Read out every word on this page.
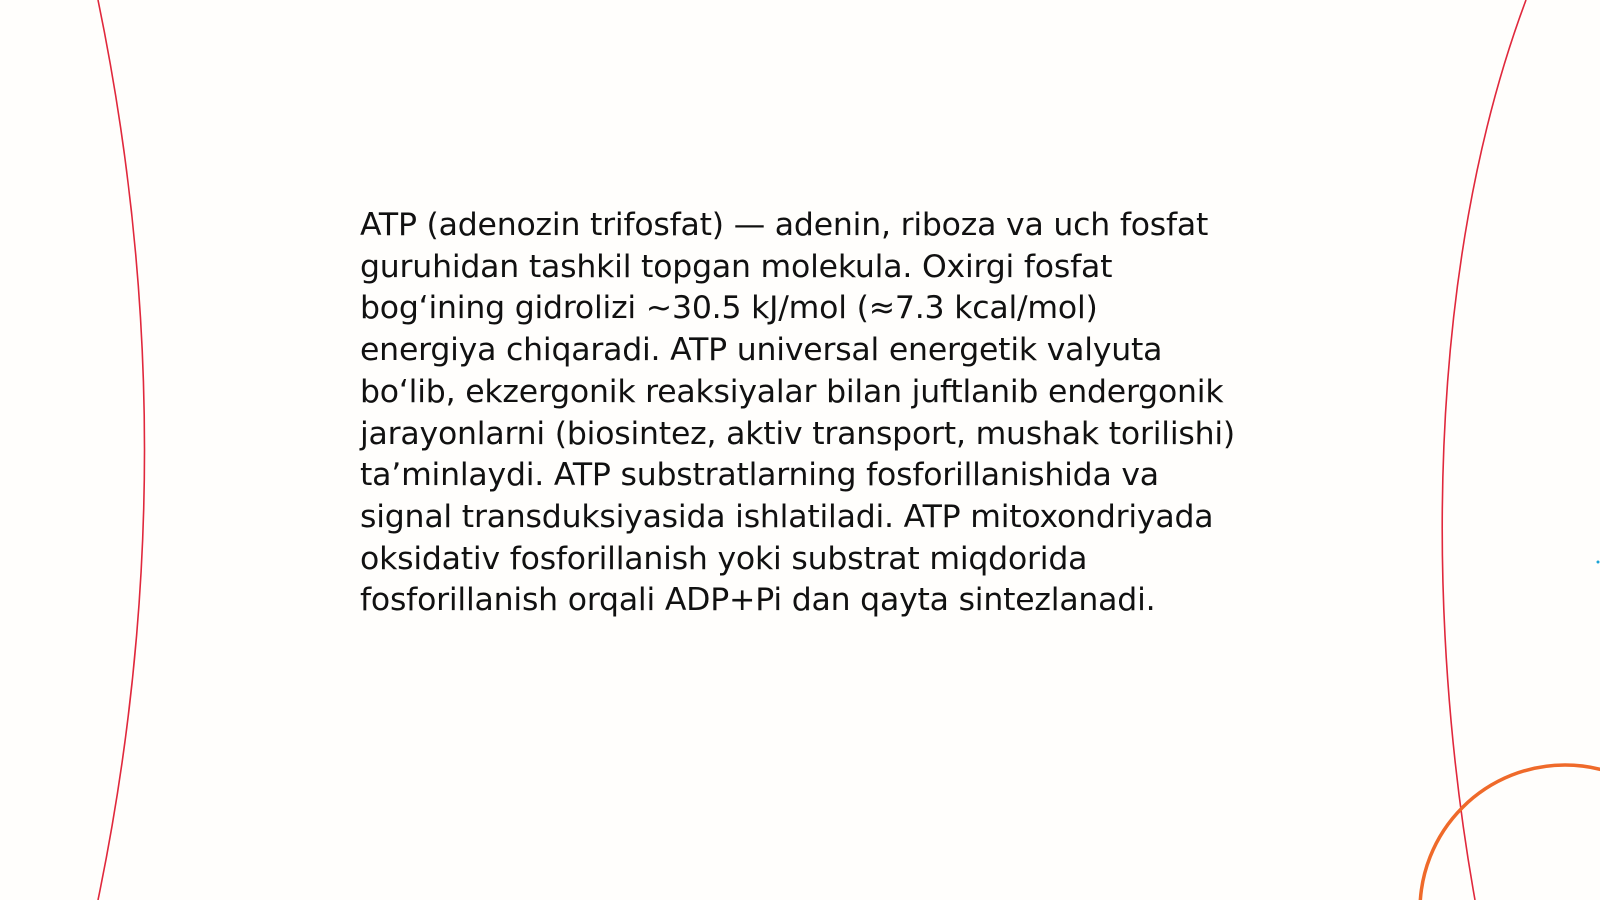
ATP (adenozin trifosfat) — adenin, riboza va uch fosfat guruhidan tashkil topgan molekula. Oxirgi fosfat bog‘ining gidrolizi ~30.5 kJ/mol (≈7.3 kcal/mol) energiya chiqaradi. ATP universal energetik valyuta bo‘lib, ekzergonik reaksiyalar bilan juftlanib endergonik jarayonlarni (biosintez, aktiv transport, mushak torilishi) ta’minlaydi. ATP substratlarning fosforillanishida va signal transduksiyasida ishlatiladi. ATP mitoxondriyada oksidativ fosforillanish yoki substrat miqdorida fosforillanish orqali ADP+Pi dan qayta sintezlanadi.
